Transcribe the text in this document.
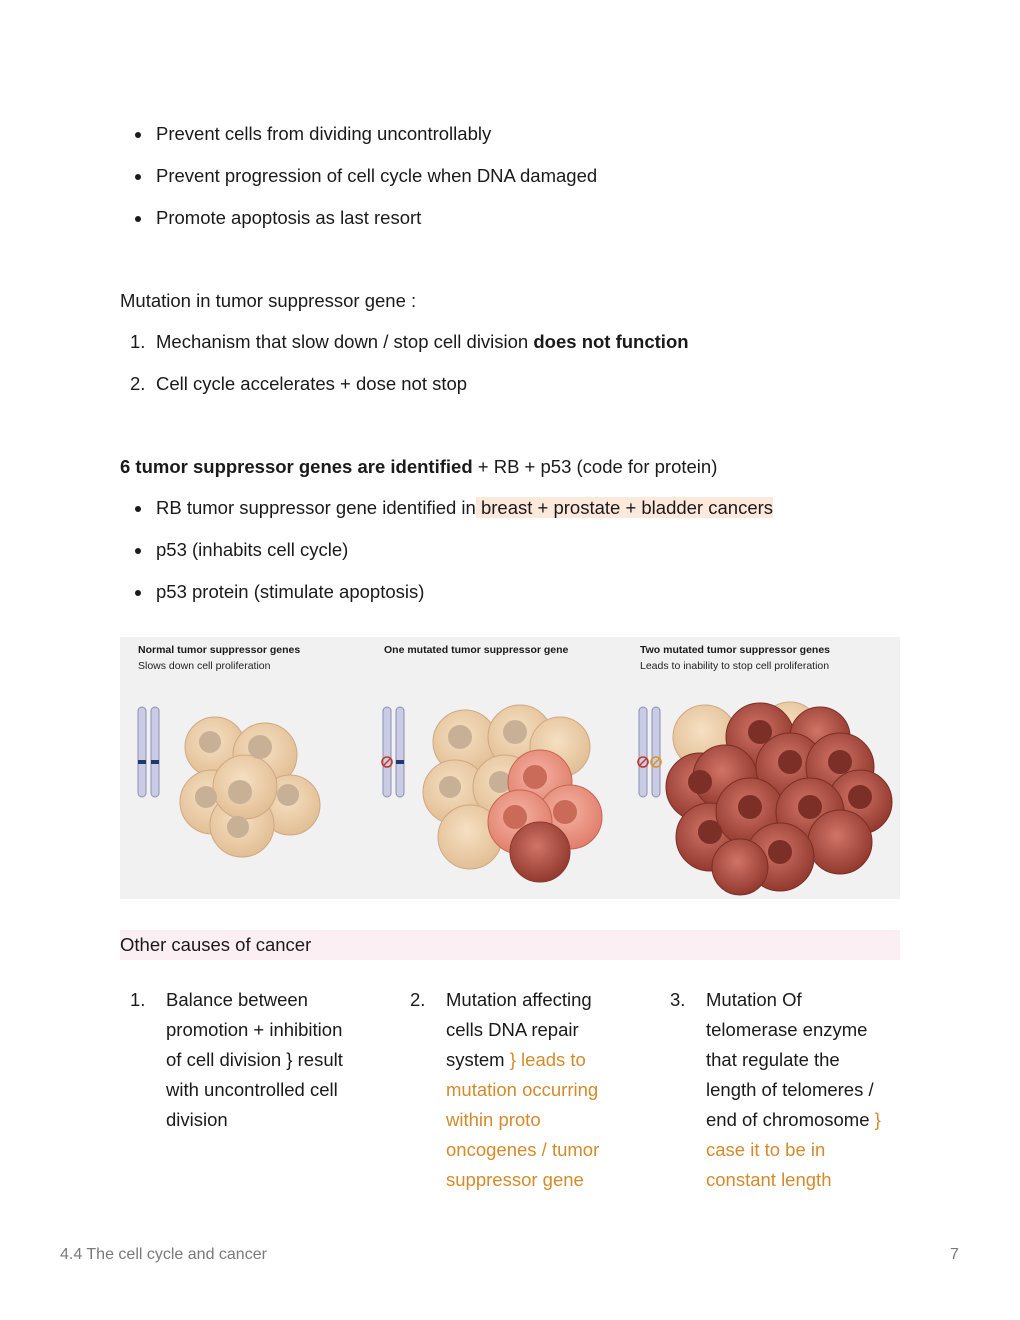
Prevent cells from dividing uncontrollably
Prevent progression of cell cycle when DNA damaged
Promote apoptosis as last resort
Mutation in tumor suppressor gene :
1. Mechanism that slow down / stop cell division does not function
2. Cell cycle accelerates + dose not stop
6 tumor suppressor genes are identified + RB + p53 (code for protein)
RB tumor suppressor gene identified in breast + prostate + bladder cancers
p53 (inhabits cell cycle)
p53 protein (stimulate apoptosis)
Normal tumor suppressor genes
Slows down cell proliferation
One mutated tumor suppressor gene	Two mutated tumor suppressor genes
Leads to inability to stop cell proliferation
Other causes of cancer
1. Balance between
promotion + inhibition
of cell division } result
with uncontrolled cell
division
2. Mutation affecting
cells DNA repair
system } leads to
mutation occurring
within proto
oncogenes / tumor
suppressor gene
3. Mutation Of
telomerase enzyme
that regulate the
length of telomeres /
end of chromosome }
case it to be in
constant length
4.4 The cell cycle and cancer	7
